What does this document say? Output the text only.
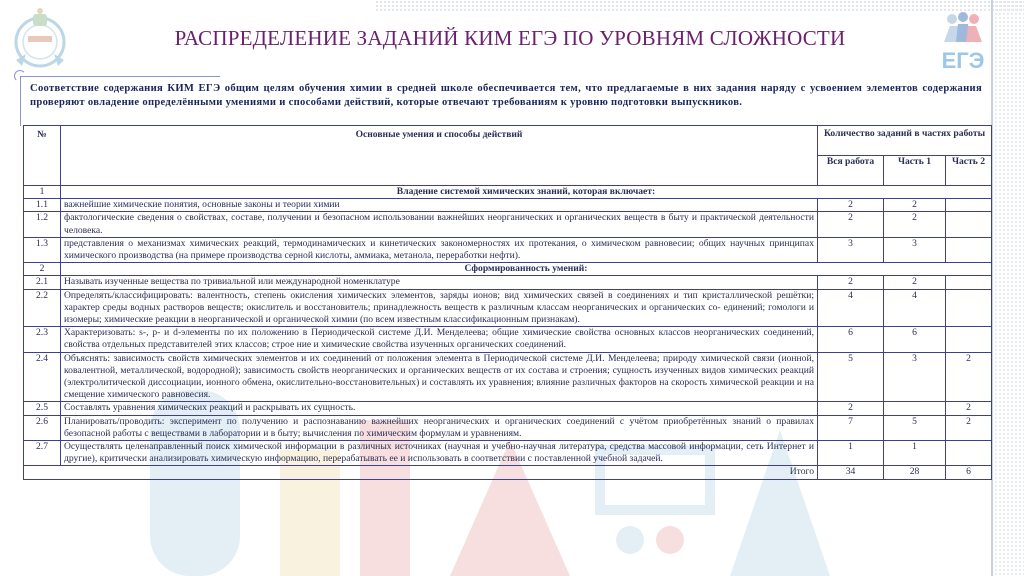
ЕГЭ
РАСПРЕДЕЛЕНИЕ ЗАДАНИЙ КИМ ЕГЭ ПО УРОВНЯМ СЛОЖНОСТИ
Соответствие содержания КИМ ЕГЭ общим целям обучения химии в средней школе обеспечивается тем, что предлагаемые в них задания наряду с усвоением элементов содержания проверяют овладение определёнными умениями и способами действий, которые отвечают требованиям к уровню подготовки выпускников.
№	Основные умения и способы действий	Количество заданий в частях работы		
		Вся работа	Часть 1	Часть 2
1	Владение системой химических знаний, которая включает:			
1.1	важнейшие химические понятия, основные законы и теории химии	2	2	
1.2	фактологические сведения о свойствах, составе, получении и безопасном использовании важнейших неорганических и органических веществ в быту и практической деятельности человека.	2	2	
1.3	представления о механизмах химических реакций, термодинамических и кинетических закономерностях их протекания, о химическом равновесии; общих научных принципах химического производства (на примере производства серной кислоты, аммиака, метанола, переработки нефти).	3	3	
2	Сформированность умений:			
2.1	Называть изученные вещества по тривиальной или международной номенклатуре	2	2	
2.2	Определять/классифицировать: валентность, степень окисления химических элементов, заряды ионов; вид химических связей в соединениях и тип кристаллической решётки; характер среды водных растворов веществ; окислитель и восстановитель; принадлежность веществ к различным классам неорганических и органических со- единений; гомологи и изомеры; химические реакции в неорганической и органической химии (по всем известным классификационным признакам).	4	4	
2.3	Характеризовать: s-, p- и d-элементы по их положению в Периодической системе Д.И. Менделеева; общие химические свойства основных классов неорганических соединений, свойства отдельных представителей этих классов; строе ние и химические свойства изученных органических соединений.	6	6	
2.4	Объяснять: зависимость свойств химических элементов и их соединений от положения элемента в Периодической системе Д.И. Менделеева; природу химической связи (ионной, ковалентной, металлической, водородной); зависимость свойств неорганических и органических веществ от их состава и строения; сущность изученных видов химических реакций (электролитической диссоциации, ионного обмена, окислительно-восстановительных) и составлять их уравнения; влияние различных факторов на скорость химической реакции и на смещение химического равновесия.	5	3	2
2.5	Составлять уравнения химических реакций и раскрывать их сущность.	2		2
2.6	Планировать/проводить: эксперимент по получению и распознаванию важнейших неорганических и органических соединений с учётом приобретённых знаний о правилах безопасной работы с веществами в лаборатории и в быту; вычисления по химическим формулам и уравнениям.	7	5	2
2.7	Осуществлять целенаправленный поиск химической информации в различных источниках (научная и учебно-научная литература, средства массовой информации, сеть Интернет и другие), критически анализировать химическую информацию, перерабатывать ее и использовать в соответствии с поставленной учебной задачей.	1	1	
Итого		34	28	6
